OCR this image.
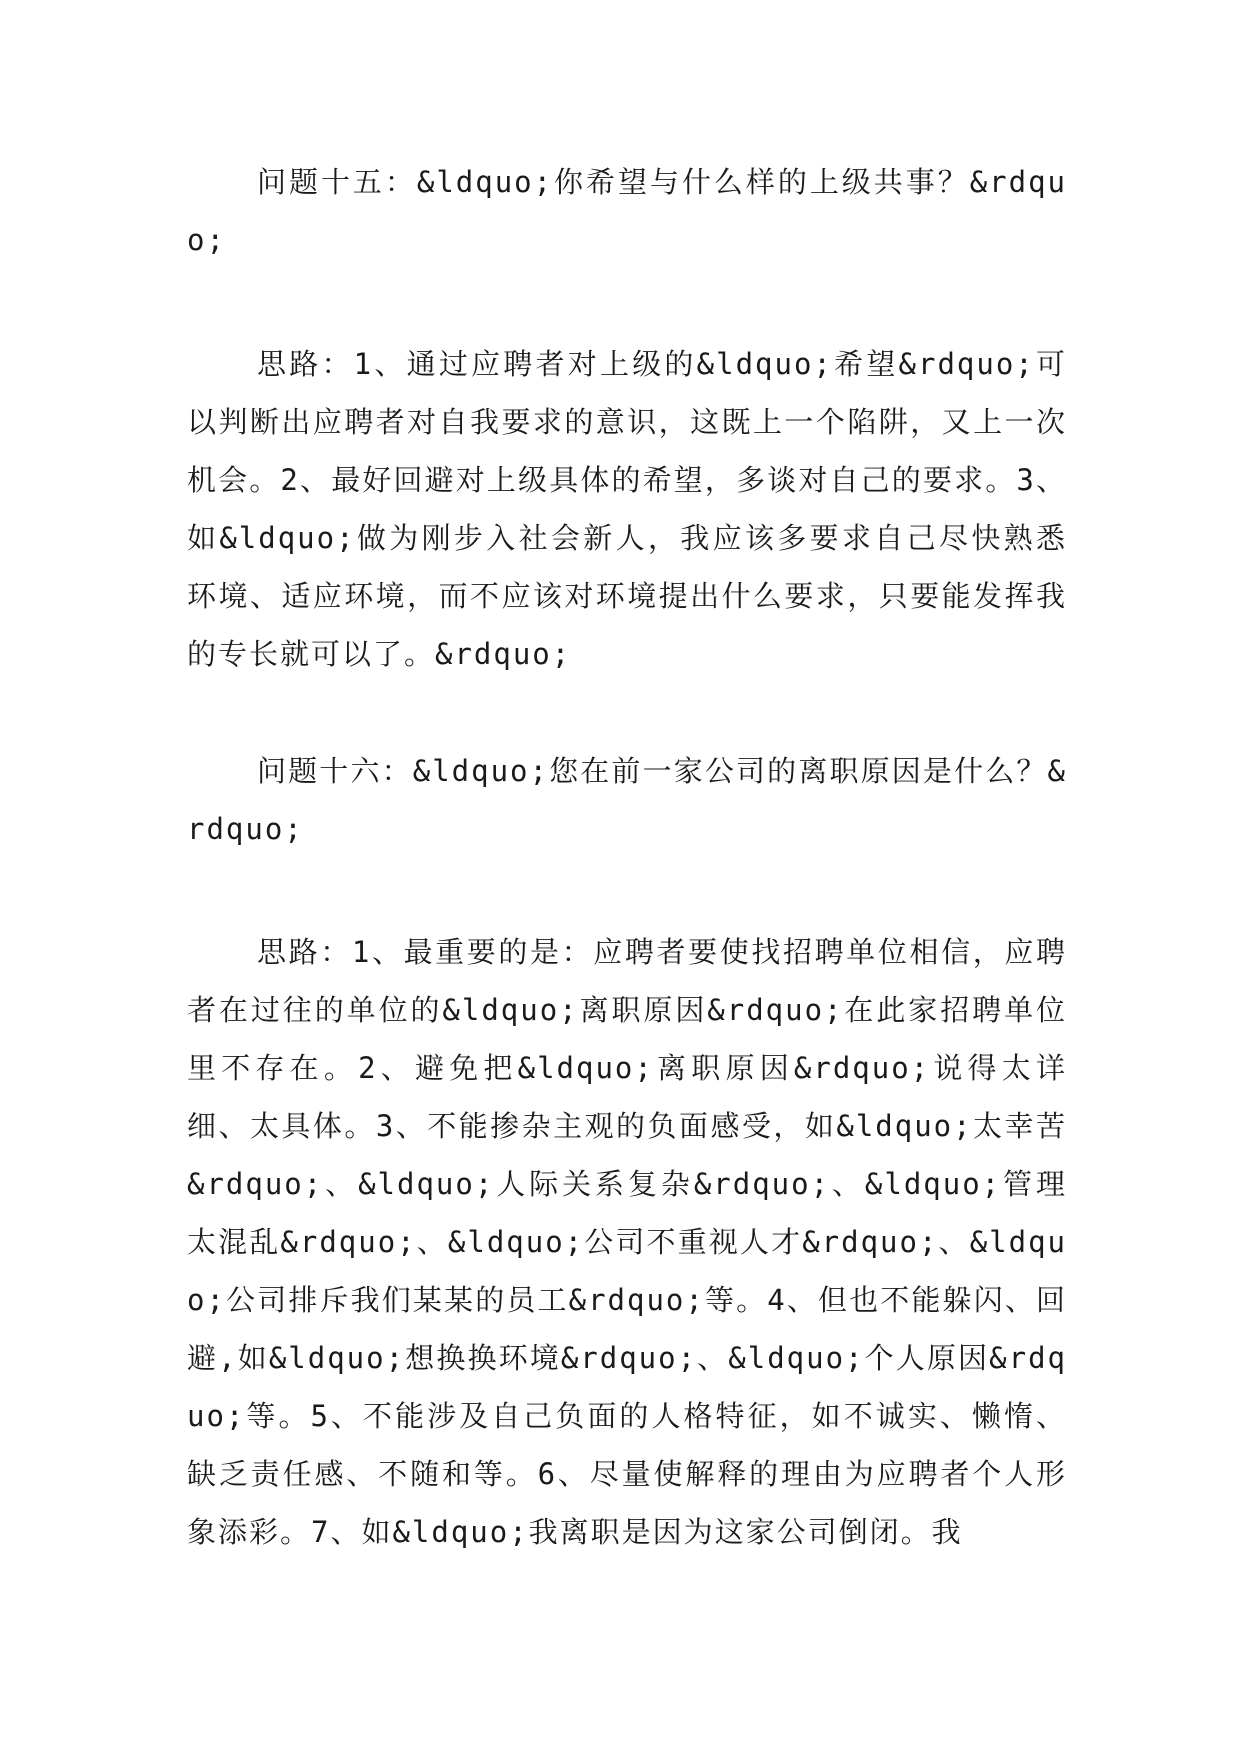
问题十五：&ldquo;你希望与什么样的上级共事？&rdquo;

思路：1、通过应聘者对上级的&ldquo;希望&rdquo;可以判断出应聘者对自我要求的意识，这既上一个陷阱，又上一次机会。2、最好回避对上级具体的希望，多谈对自己的要求。3、如&ldquo;做为刚步入社会新人，我应该多要求自己尽快熟悉环境、适应环境，而不应该对环境提出什么要求，只要能发挥我的专长就可以了。&rdquo;

问题十六：&ldquo;您在前一家公司的离职原因是什么？&rdquo;

思路：1、最重要的是：应聘者要使找招聘单位相信，应聘者在过往的单位的&ldquo;离职原因&rdquo;在此家招聘单位里不存在。2、避免把&ldquo;离职原因&rdquo;说得太详细、太具体。3、不能掺杂主观的负面感受，如&ldquo;太幸苦&rdquo;、&ldquo;人际关系复杂&rdquo;、&ldquo;管理太混乱&rdquo;、&ldquo;公司不重视人才&rdquo;、&ldquo;公司排斥我们某某的员工&rdquo;等。4、但也不能躲闪、回避,如&ldquo;想换换环境&rdquo;、&ldquo;个人原因&rdquo;等。5、不能涉及自己负面的人格特征，如不诚实、懒惰、缺乏责任感、不随和等。6、尽量使解释的理由为应聘者个人形象添彩。7、如&ldquo;我离职是因为这家公司倒闭。我
